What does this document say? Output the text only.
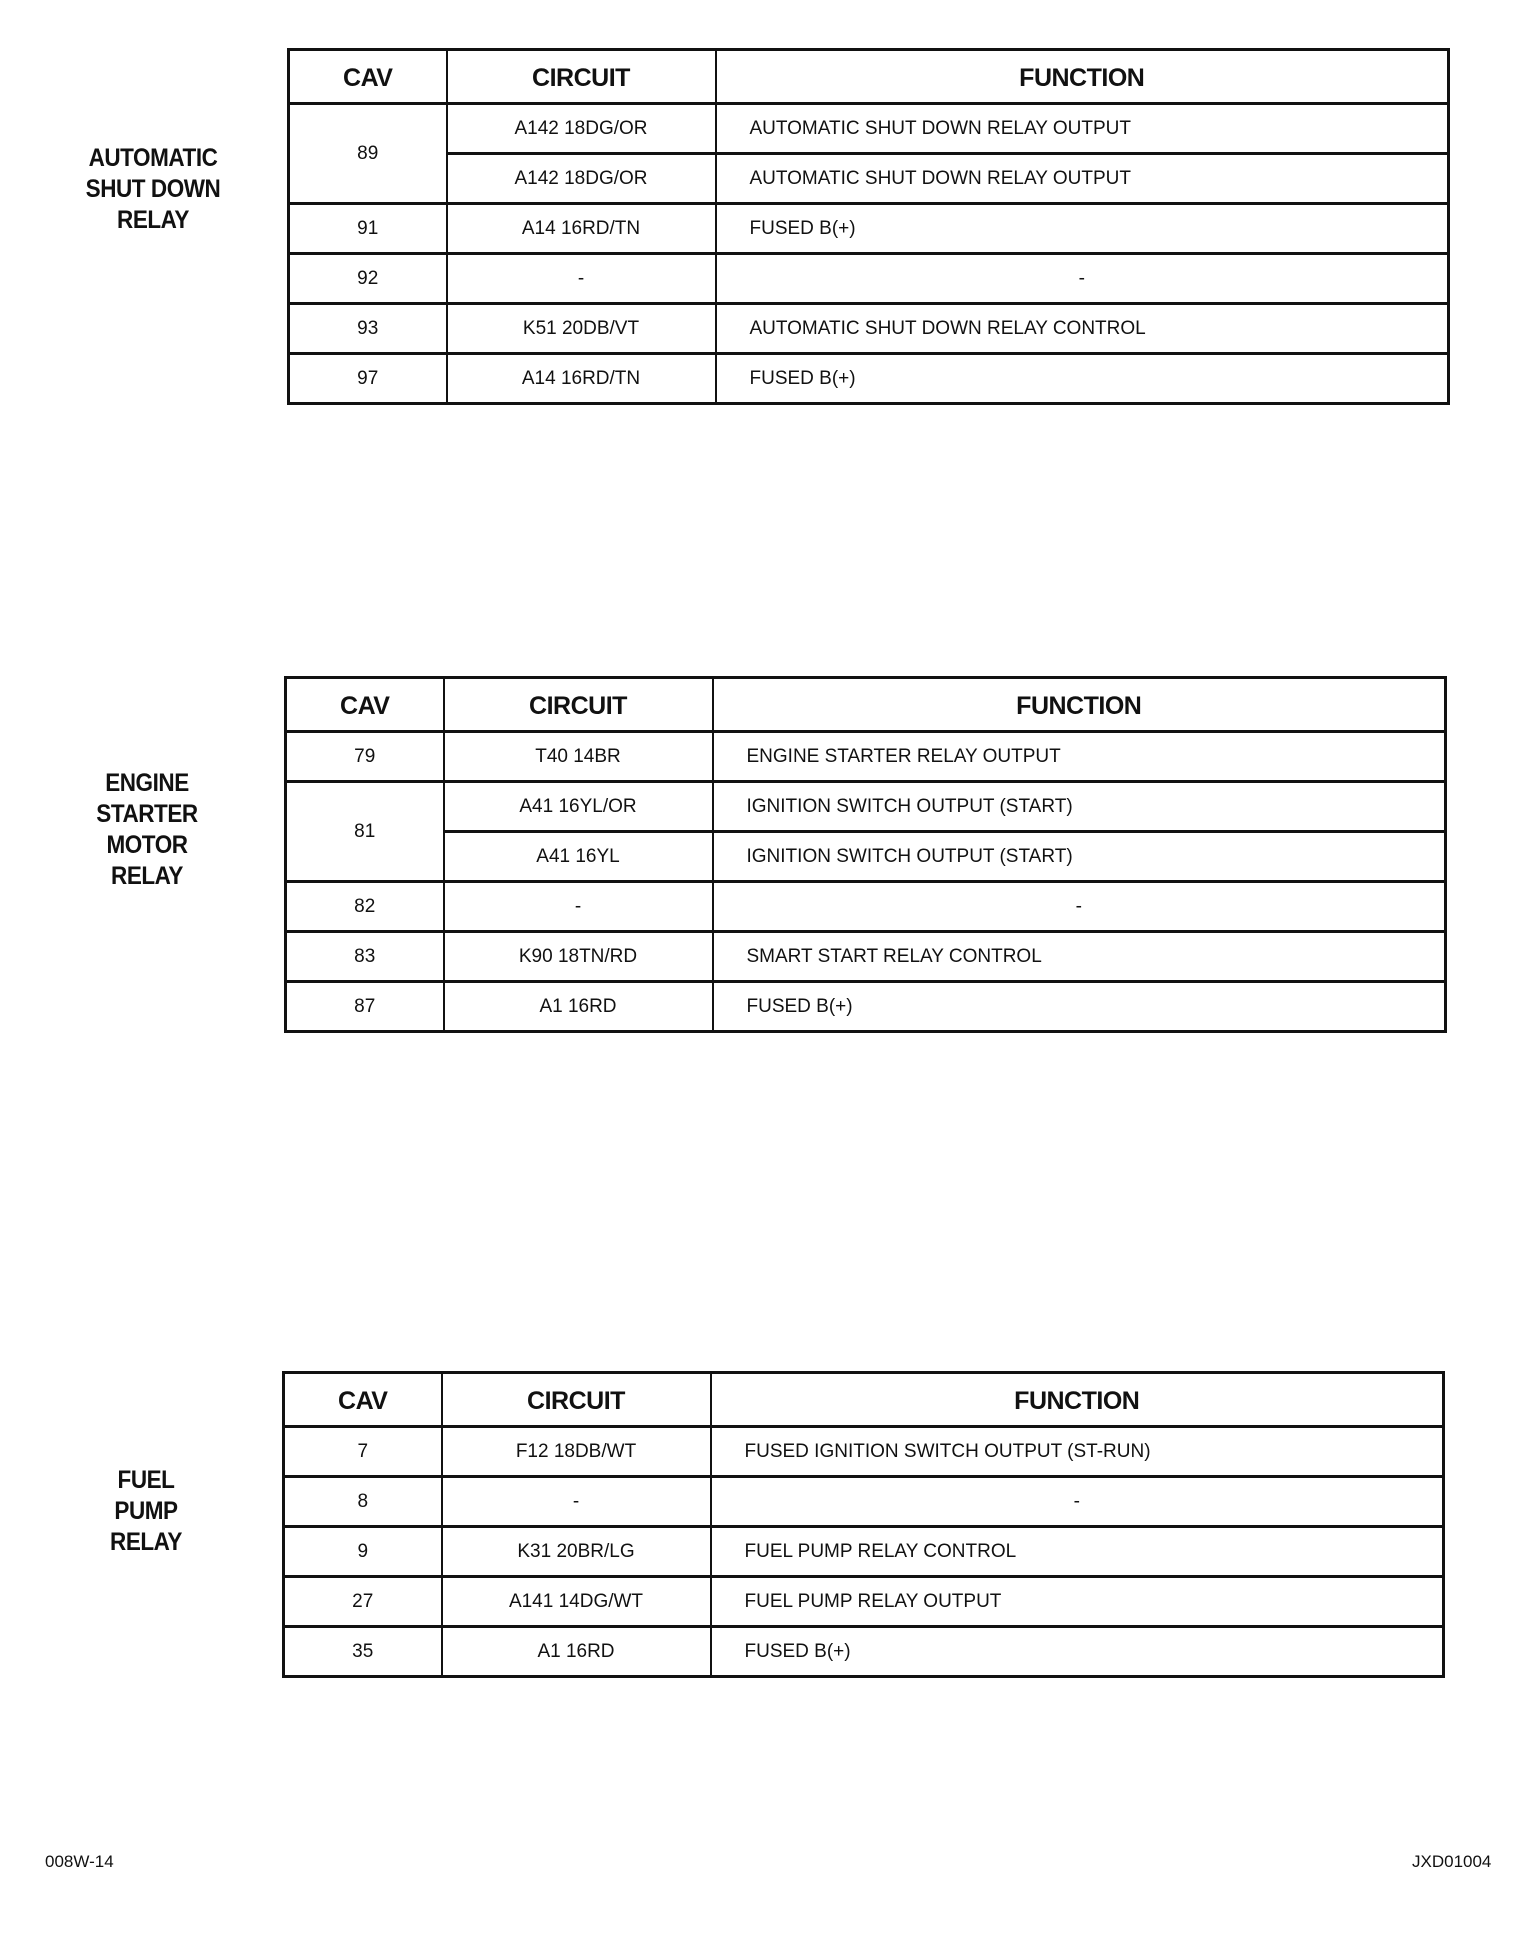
AUTOMATIC
SHUT DOWN
RELAY
CAV	CIRCUIT	FUNCTION
89	A142 18DG/OR	AUTOMATIC SHUT DOWN RELAY OUTPUT
	A142 18DG/OR	AUTOMATIC SHUT DOWN RELAY OUTPUT
91	A14 16RD/TN	FUSED B(+)
92	-	-
93	K51 20DB/VT	AUTOMATIC SHUT DOWN RELAY CONTROL
97	A14 16RD/TN	FUSED B(+)
ENGINE
STARTER
MOTOR
RELAY
CAV	CIRCUIT	FUNCTION
79	T40 14BR	ENGINE STARTER RELAY OUTPUT
81	A41 16YL/OR	IGNITION SWITCH OUTPUT (START)
	A41 16YL	IGNITION SWITCH OUTPUT (START)
82	-	-
83	K90 18TN/RD	SMART START RELAY CONTROL
87	A1 16RD	FUSED B(+)
FUEL
PUMP
RELAY
CAV	CIRCUIT	FUNCTION
7	F12 18DB/WT	FUSED IGNITION SWITCH OUTPUT (ST-RUN)
8	-	-
9	K31 20BR/LG	FUEL PUMP RELAY CONTROL
27	A141 14DG/WT	FUEL PUMP RELAY OUTPUT
35	A1 16RD	FUSED B(+)
008W-14	JXD01004
